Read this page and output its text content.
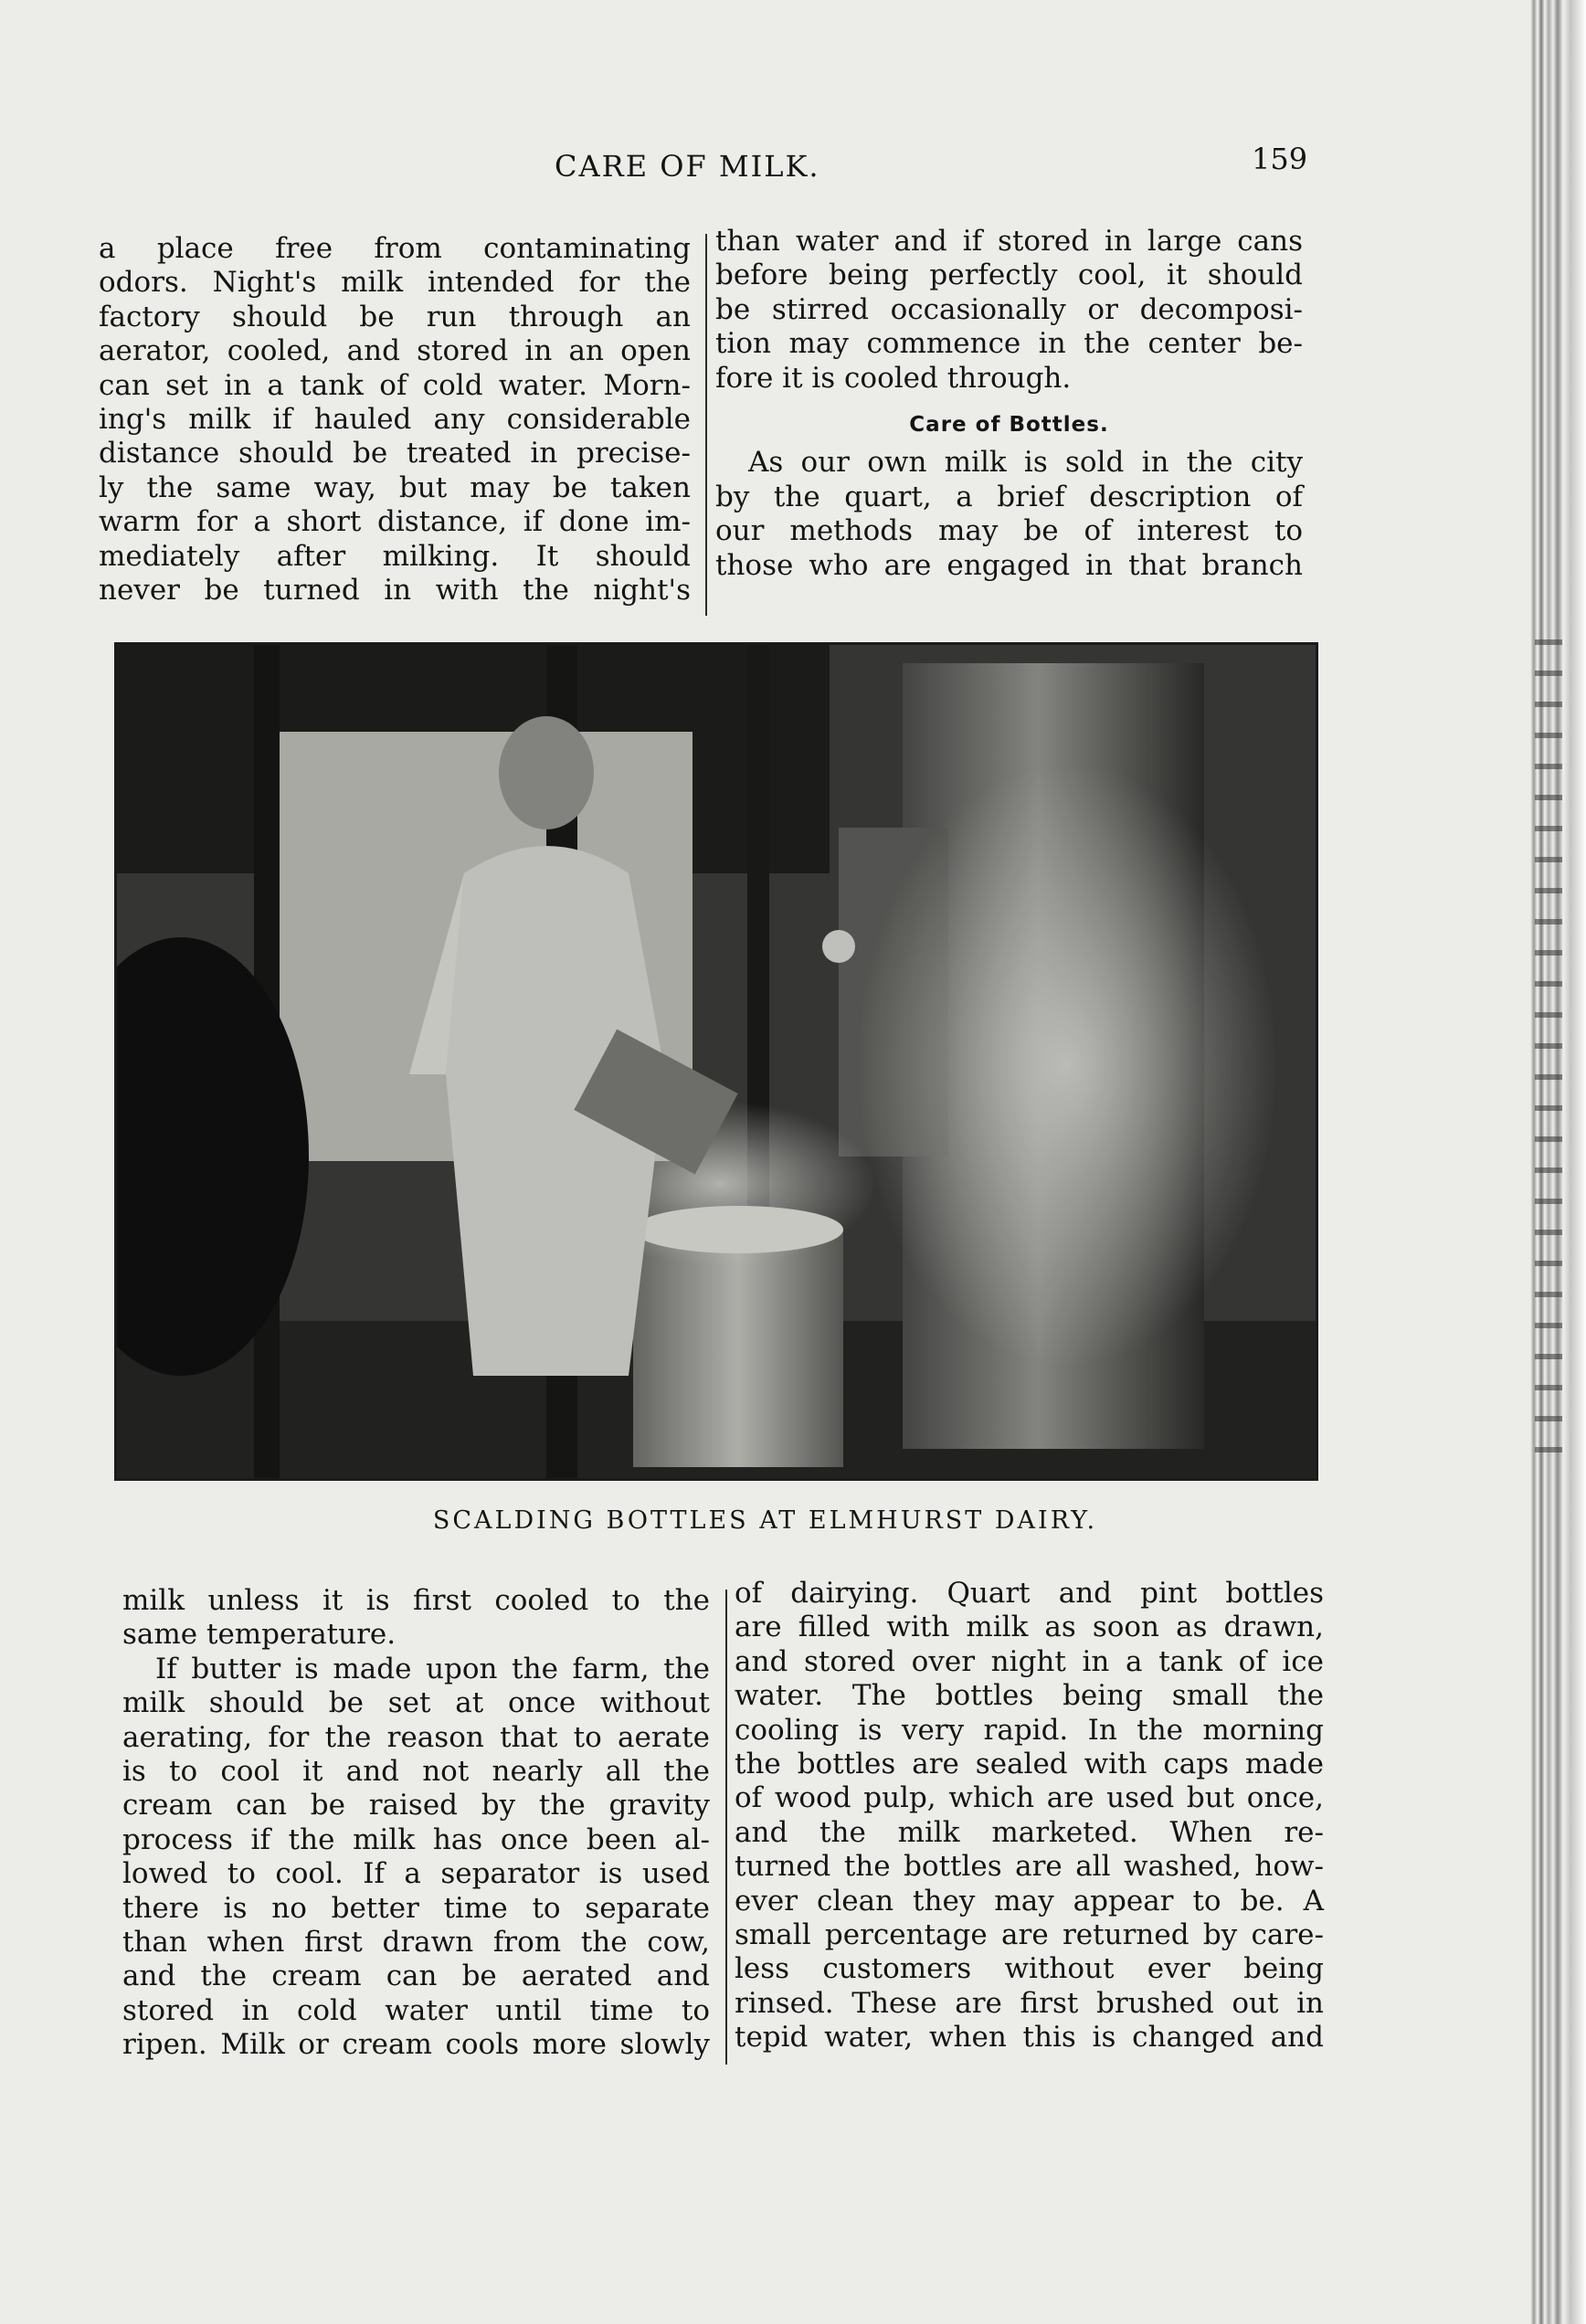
CARE OF MILK.	159
a place free from contaminating
odors. Night's milk intended for the
factory should be run through an
aerator, cooled, and stored in an open
can set in a tank of cold water. Morn-
ing's milk if hauled any considerable
distance should be treated in precise-
ly the same way, but may be taken
warm for a short distance, if done im-
mediately after milking. It should
never be turned in with the night's
than water and if stored in large cans
before being perfectly cool, it should
be stirred occasionally or decomposi-
tion may commence in the center be-
fore it is cooled through.
Care of Bottles.
As our own milk is sold in the city
by the quart, a brief description of
our methods may be of interest to
those who are engaged in that branch
SCALDING BOTTLES AT ELMHURST DAIRY.
milk unless it is first cooled to the
same temperature.
If butter is made upon the farm, the
milk should be set at once without
aerating, for the reason that to aerate
is to cool it and not nearly all the
cream can be raised by the gravity
process if the milk has once been al-
lowed to cool. If a separator is used
there is no better time to separate
than when first drawn from the cow,
and the cream can be aerated and
stored in cold water until time to
ripen. Milk or cream cools more slowly
of dairying. Quart and pint bottles
are filled with milk as soon as drawn,
and stored over night in a tank of ice
water. The bottles being small the
cooling is very rapid. In the morning
the bottles are sealed with caps made
of wood pulp, which are used but once,
and the milk marketed. When re-
turned the bottles are all washed, how-
ever clean they may appear to be. A
small percentage are returned by care-
less customers without ever being
rinsed. These are first brushed out in
tepid water, when this is changed and
